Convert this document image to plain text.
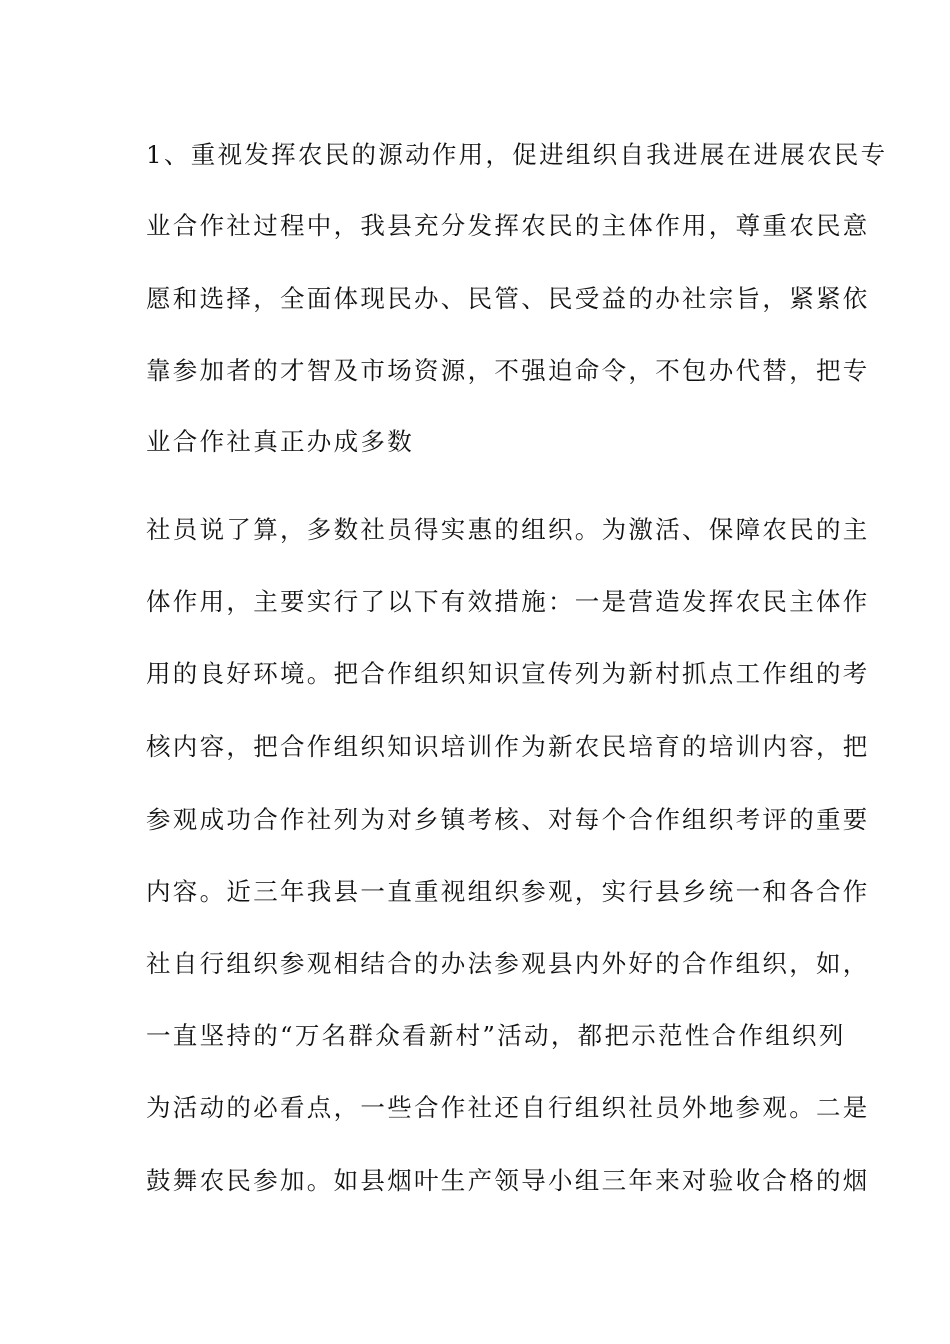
1、重视发挥农民的源动作用，促进组织自我进展在进展农民专
业合作社过程中，我县充分发挥农民的主体作用，尊重农民意
愿和选择，全面体现民办、民管、民受益的办社宗旨，紧紧依
靠参加者的才智及市场资源，不强迫命令，不包办代替，把专
业合作社真正办成多数
社员说了算，多数社员得实惠的组织。为激活、保障农民的主
体作用，主要实行了以下有效措施：一是营造发挥农民主体作
用的良好环境。把合作组织知识宣传列为新村抓点工作组的考
核内容，把合作组织知识培训作为新农民培育的培训内容，把
参观成功合作社列为对乡镇考核、对每个合作组织考评的重要
内容。近三年我县一直重视组织参观，实行县乡统一和各合作
社自行组织参观相结合的办法参观县内外好的合作组织，如，
一直坚持的“万名群众看新村”活动，都把示范性合作组织列
为活动的必看点，一些合作社还自行组织社员外地参观。二是
鼓舞农民参加。如县烟叶生产领导小组三年来对验收合格的烟
